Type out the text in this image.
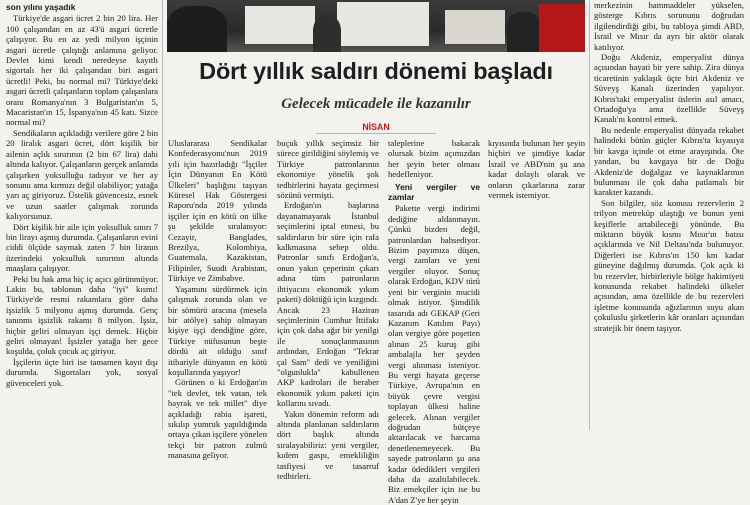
son yılını yaşadık

Türkiye'de asgari ücret 2 bin 20 lira. Her 100 çalışandan en az 43'ü asgari ücretle çalışıyor. Bu en az yedi milyon işçinin asgari ücretle çalıştığı anlamına geliyor. Devlet kimi kendi neredeyse kayıtlı sigortalı her iki çalışandan biri asgari ücretli! Peki, bu normal mi? Türkiye'deki asgari ücretli çalışanların toplam çalışanlara oranı Romanya'nın 3 Bulgaristan'ın 5, Macaristan'ın 15, İspanya'nın 45 katı. Sizce normal mi?

Sendikaların açıkladığı verilere göre 2 bin 20 liralık asgari ücret, dört kişilik bir ailenin açlık sınırının (2 bin 67 lira) dahi altında kalıyor. Çalışanların gerçek anlamda çalışırken yoksulluğu tadıyor ve her ay sonunu ama kırmızı değil olabiliyor; yatağa yarı aç giriyoruz. Üstelik güvencesiz, esnek ve uzun saatler çalışmak zorunda kalıyorsunuz.

Dört kişilik bir aile için yoksulluk sınırı 7 bin lirayı aşmış durumda. Çalışanların evini ciddi ölçüde saymak zaten 7 bin liranın üzerindeki yoksulluk sınırının altında maaşlara çalışıyor.

Peki bu hak ama hiç iç açıcı görünmüyor. Lakin bu, tablonun daha "iyi" kısmı! Türkiye'de resmi rakamlara göre daha işsizlik 5 milyonu aşmış durumda. Genç tanınmı işsizlik rakamı 8 milyon. İşsiz, hiçbir geliri olmayan işçi demek. Hiçbir geliri olmayan! İşsizler yatağa her gece koşulda, çoluk çocuk aç giriyor.

İşçilerin üçte biri ise tamamen kayıt dışı durumda. Sigortaları yok, sosyal güvenceleri yok.

Dört yıllık saldırı dönemi başladı
Gelecek mücadele ile kazanılır
NİSAN

Uluslararası Sendikalar Konfederasyonu'nun 2019 yılı için hazırladığı "İşçiler İçin Dünyanın En Kötü Ülkeleri" başlığını taşıyan Küresel Hak Göstergesi Raporu'nda 2019 yılında işçiler için en kötü on ülke şu şekilde sıralanıyor: Cezayir, Banglades, Brezilya, Kolombiya, Guatemala, Kazakistan, Filipinler, Suudi Arabistan, Türkiye ve Zimbabve.

Yaşamını sürdürmek için çalışmak zorunda olan ve bir sömürü aracına (mesela bir atölye) sahip olmayan kişiye işçi dendiğine göre, Türkiye nüfusunun beşte dördü ait olduğu sınıf itibariyle dünyanın en kötü koşullarında yaşıyor!

Görünen o ki Erdoğan'ın "tek devlet, tek vatan, tek bayrak ve tek millet" diye açıkladığı rabia işareti, sıkılıp yumruk yapıldığında ortaya çıkan işçilere yönelen tekçi bir patron zulmü manasına geliyor.

buçuk yıllık seçimsiz bir sürece girildiğini söylemiş ve Türkiye patronlarının ekonomiye yönelik şok tedbirlerini hayata geçirmesi sözünü vermişti.

Erdoğan'ın başlarına dayanamayarak İstanbul seçimlerini iptal etmesi, bu saldırıların bir süre için rafa kalkmasına sebep oldu. Patronlar sınıfı Erdoğan'a, onun yakın çeperinin çıkarı adına tüm patronların ihtiyacını ekonomik yıkım paketi) döktüğü için kızgındı. Ancak 23 Haziran seçimlerinin Cumhur İttifakı için çok daha ağır bir yenilgi ile sonuçlanmasının ardından, Erdoğan "Tekrar çal Sam" dedi ve yeniliğini "olgunlukla" kabullenen AKP kadroları ile beraber ekonomik yıkım paketi için kollarını sıvadı.

Yakın dönemin reform adı altında planlanan saldırıların dört başlık altında sıralayabiliriz: yeni vergiler, kıdem gaspı, emekliliğin tasfiyesi ve tasarruf tedbirleri.

taleplerine bakacak olursak bizim açımızdan her şeyin beter olması hedefleniyor.

Yeni vergiler ve zamlar

Pakette vergi indirimi dediğine aldanmayın. Çünkü bizden değil, patronlardan bahsediyor. Bizim payımıza düşen, vergi zamları ve yeni vergiler oluyor. Sonuç olarak Erdoğan, KDV türü yeni bir verginin mucidi olmak istiyor. Şimdilik tasarıda adı GEKAP (Geri Kazanım Katılım Payı) olan vergiye göre poşetten alınan 25 kuruş gibi ambalajla her şeyden vergi alınması isteniyor. Bu vergi hayata geçerse Türkiye, Avrupa'nın en büyük çevre vergisi toplayan ülkesi haline gelecek. Alınan vergiler doğrudan bütçeye aktarılacak ve harcama denetlenemeyecek. Bu sayede patronların şu ana kadar ödedikleri vergileri daha da azaltılabilecek. Biz emekçiler için ise bu A'dan Z'ye her şeyin

kıyısında bulunan her şeyin hiçbiri ve şimdiye kadar İsrail ve ABD'nin şu ana kadar dolaylı olarak ve onların çıkarlarına zarar vermek istemiyor.

merkezinin hammaddeler yükselen, gösterge Kıbrıs sorununu doğrudan ilgilendirdiği gibi, bu tabloya şimdi ABD, İsrail ve Mısır da ayrı bir aktör olarak katılıyor.

Doğu Akdeniz, emperyalist dünya açısından hayati bir yere sahip. Zira dünya ticaretinin yaklaşık üçte biri Akdeniz ve Süveyş Kanalı üzerinden yapılıyor. Kıbrıs'taki emperyalist üslerin asıl amacı, Ortadoğu'ya ama özellikle Süveyş Kanalı'nı kontrol etmek.

Bu nedenle emperyalist dünyada rekabet halindeki bütün güçler Kıbrıs'ta kıyasıya bir kavga içinde ot etme arayışında. Öte yandan, bu kavgaya bir de Doğu Akdeniz'de doğalgaz ve kaynaklarının bulunması ile çok daha patlamalı bir karakter kazandı.

Son bilgiler, söz konusu rezervlerin 2 trilyon metreküp ulaştığı ve bunun yeni keşiflerle artabileceği yönünde. Bu miktarın büyük kısmı Mısır'ın batısı açıklarında ve Nil Deltası'nda bulunuyor. Diğerleri ise Kıbrıs'ın 150 km kadar güneyine dağılmış durumda. Çok açık ki bu rezervler, birbirleriyle bölge hakimiyeti konusunda rekabet halindeki ülkeler açısından, ama özellikle de bu rezervleri işletme konusunda ağızlarının suyu akan çokuluslu şirketlerin kâr oranları açısından stratejik bir önem taşıyor.
